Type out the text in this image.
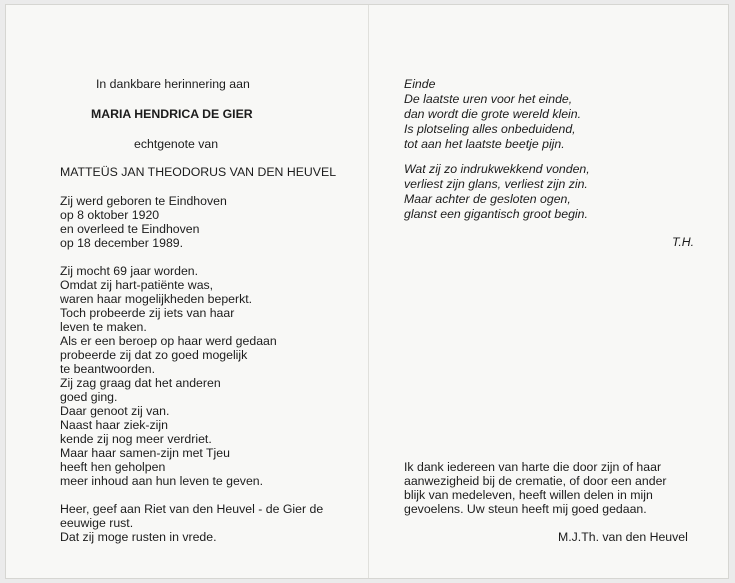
In dankbare herinnering aan
MARIA HENDRICA DE GIER
echtgenote van
MATTEÜS JAN THEODORUS VAN DEN HEUVEL
Zij werd geboren te Eindhoven
op 8 oktober 1920
en overleed te Eindhoven
op 18 december 1989.
Zij mocht 69 jaar worden.
Omdat zij hart-patiënte was,
waren haar mogelijkheden beperkt.
Toch probeerde zij iets van haar
leven te maken.
Als er een beroep op haar werd gedaan
probeerde zij dat zo goed mogelijk
te beantwoorden.
Zij zag graag dat het anderen
goed ging.
Daar genoot zij van.
Naast haar ziek-zijn
kende zij nog meer verdriet.
Maar haar samen-zijn met Tjeu
heeft hen geholpen
meer inhoud aan hun leven te geven.
Heer, geef aan Riet van den Heuvel - de Gier de
eeuwige rust.
Dat zij moge rusten in vrede.
Einde
De laatste uren voor het einde,
dan wordt die grote wereld klein.
Is plotseling alles onbeduidend,
tot aan het laatste beetje pijn.
Wat zij zo indrukwekkend vonden,
verliest zijn glans, verliest zijn zin.
Maar achter de gesloten ogen,
glanst een gigantisch groot begin.
T.H.
Ik dank iedereen van harte die door zijn of haar
aanwezigheid bij de crematie, of door een ander
blijk van medeleven, heeft willen delen in mijn
gevoelens. Uw steun heeft mij goed gedaan.
M.J.Th. van den Heuvel
